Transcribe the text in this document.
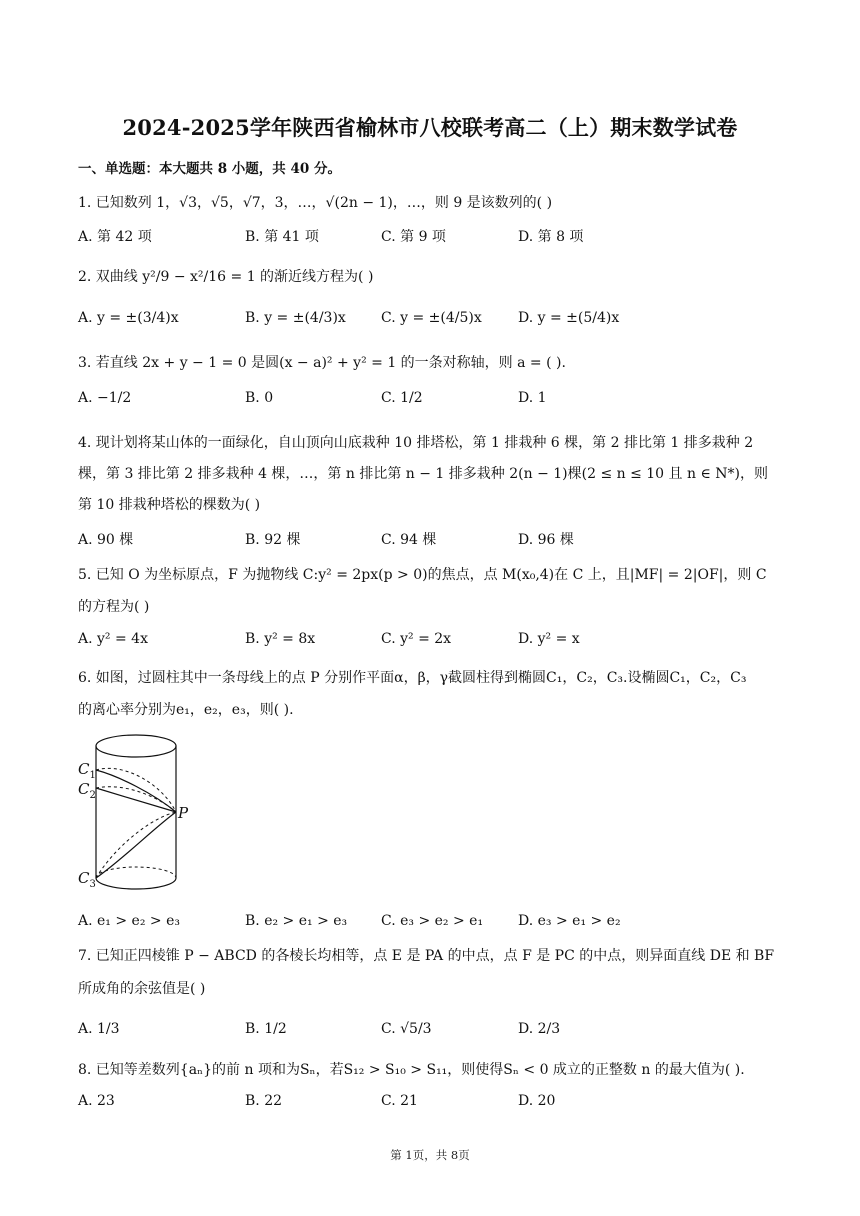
2024-2025学年陕西省榆林市八校联考高二（上）期末数学试卷
一、单选题：本大题共 8 小题，共 40 分。
1. 已知数列 1，√3，√5，√7，3，…，√(2n − 1)，…，则 9 是该数列的( )
A. 第 42 项	B. 第 41 项	C. 第 9 项	D. 第 8 项
2. 双曲线 y²/9 − x²/16 = 1 的渐近线方程为( )
A. y = ±(3/4)x	B. y = ±(4/3)x	C. y = ±(4/5)x	D. y = ±(5/4)x
3. 若直线 2x + y − 1 = 0 是圆(x − a)² + y² = 1 的一条对称轴，则 a = ( ).
A. −1/2	B. 0	C. 1/2	D. 1
4. 现计划将某山体的一面绿化，自山顶向山底栽种 10 排塔松，第 1 排栽种 6 棵，第 2 排比第 1 排多栽种 2
棵，第 3 排比第 2 排多栽种 4 棵，…，第 n 排比第 n − 1 排多栽种 2(n − 1)棵(2 ≤ n ≤ 10 且 n ∈ N*)，则
第 10 排栽种塔松的棵数为( )
A. 90 棵	B. 92 棵	C. 94 棵	D. 96 棵
5. 已知 O 为坐标原点，F 为抛物线 C:y² = 2px(p > 0)的焦点，点 M(x₀,4)在 C 上，且|MF| = 2|OF|，则 C
的方程为( )
A. y² = 4x	B. y² = 8x	C. y² = 2x	D. y² = x
6. 如图，过圆柱其中一条母线上的点 P 分别作平面α，β，γ截圆柱得到椭圆C₁，C₂，C₃.设椭圆C₁，C₂，C₃
的离心率分别为e₁，e₂，e₃，则( ).
$C_1$
$C_2$
$C_3$
P
A. e₁ > e₂ > e₃	B. e₂ > e₁ > e₃ C. e₃ > e₂ > e₁ D. e₃ > e₁ > e₂
7. 已知正四棱锥 P − ABCD 的各棱长均相等，点 E 是 PA 的中点，点 F 是 PC 的中点，则异面直线 DE 和 BF
所成角的余弦值是( )
A. 1/3	B. 1/2	C. √5/3	D. 2/3
8. 已知等差数列{aₙ}的前 n 项和为Sₙ，若S₁₂ > S₁₀ > S₁₁，则使得Sₙ < 0 成立的正整数 n 的最大值为( ).
A. 23	B. 22	C. 21	D. 20
第 1页，共 8页
